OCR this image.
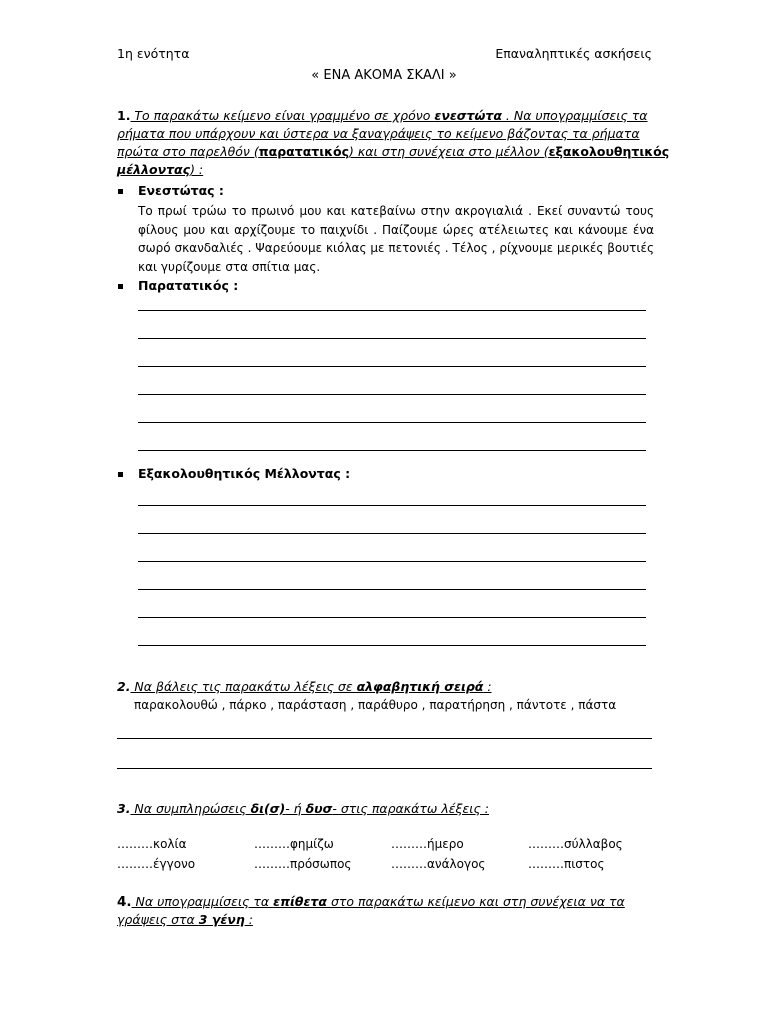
1η ενότητα	Επαναληπτικές ασκήσεις
« ΕΝΑ ΑΚΟΜΑ ΣΚΑΛΙ »
1. Το παρακάτω κείμενο είναι γραμμένο σε χρόνο ενεστώτα . Να υπογραμμίσεις τα
ρήματα που υπάρχουν και ύστερα να ξαναγράψεις το κείμενο βάζοντας τα ρήματα
πρώτα στο παρελθόν (παρατατικός) και στη συνέχεια στο μέλλον (εξακολουθητικός
μέλλοντας) :
Ενεστώτας :
Το πρωί τρώω το πρωινό μου και κατεβαίνω στην ακρογιαλιά . Εκεί συναντώ τους φίλους μου και αρχίζουμε το παιχνίδι . Παίζουμε ώρες ατέλειωτες και κάνουμε ένα σωρό σκανδαλιές . Ψαρεύουμε κιόλας με πετονιές . Τέλος , ρίχνουμε μερικές βουτιές και γυρίζουμε στα σπίτια μας.
Παρατατικός :
Εξακολουθητικός Μέλλοντας :
2. Να βάλεις τις παρακάτω λέξεις σε αλφαβητική σειρά :
παρακολουθώ , πάρκο , παράσταση , παράθυρο , παρατήρηση , πάντοτε , πάστα
3. Να συμπληρώσεις δι(σ)- ή δυσ- στις παρακάτω λέξεις :
………κολία	………φημίζω	………ήμερο	………σύλλαβος
………έγγονο	………πρόσωπος	………ανάλογος	………πιστος
4. Να υπογραμμίσεις τα επίθετα στο παρακάτω κείμενο και στη συνέχεια να τα
γράψεις στα 3 γένη :
